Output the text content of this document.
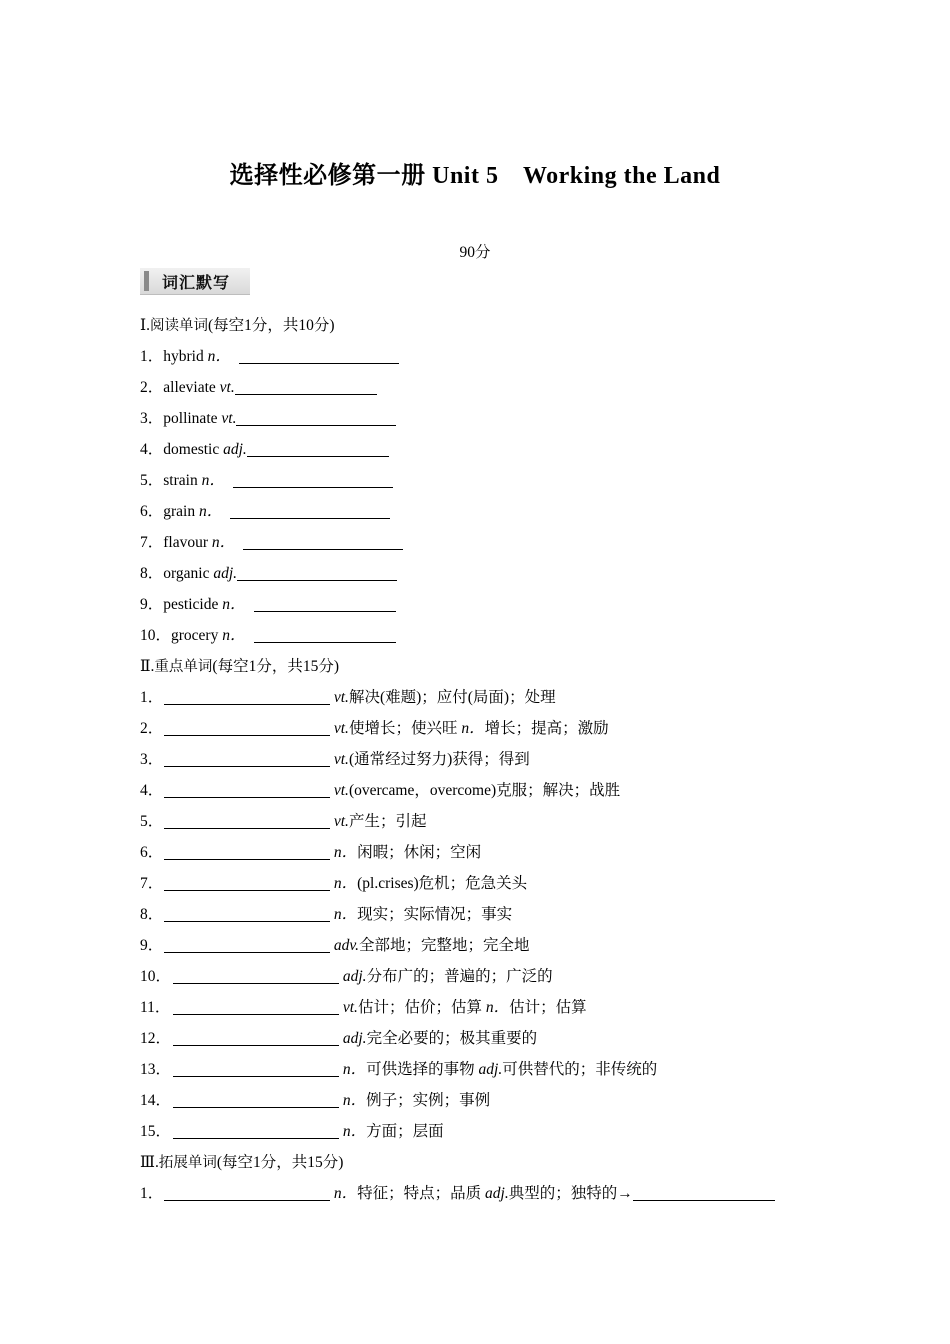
选择性必修第一册 Unit 5　Working the Land
90分
词汇默写
Ⅰ.阅读单词(每空1分，共10分)
1．hybrid n．
2．alleviate vt.
3．pollinate vt.
4．domestic adj.
5．strain n．
6．grain n．
7．flavour n．
8．organic adj.
9．pesticide n．
10．grocery n．
Ⅱ.重点单词(每空1分，共15分)
1．	vt.解决(难题)；应付(局面)；处理
2．	vt.使增长；使兴旺 n．增长；提高；激励
3．	vt.(通常经过努力)获得；得到
4．	vt.(overcame，overcome)克服；解决；战胜
5．	vt.产生；引起
6．	n．闲暇；休闲；空闲
7．	n．(pl.crises)危机；危急关头
8．	n．现实；实际情况；事实
9．	adv.全部地；完整地；完全地
10．	adj.分布广的；普遍的；广泛的
11．	vt.估计；估价；估算 n．估计；估算
12．	adj.完全必要的；极其重要的
13．	n．可供选择的事物 adj.可供替代的；非传统的
14．	n．例子；实例；事例
15．	n．方面；层面
Ⅲ.拓展单词(每空1分，共15分)
1．	n．特征；特点；品质 adj.典型的；独特的→
